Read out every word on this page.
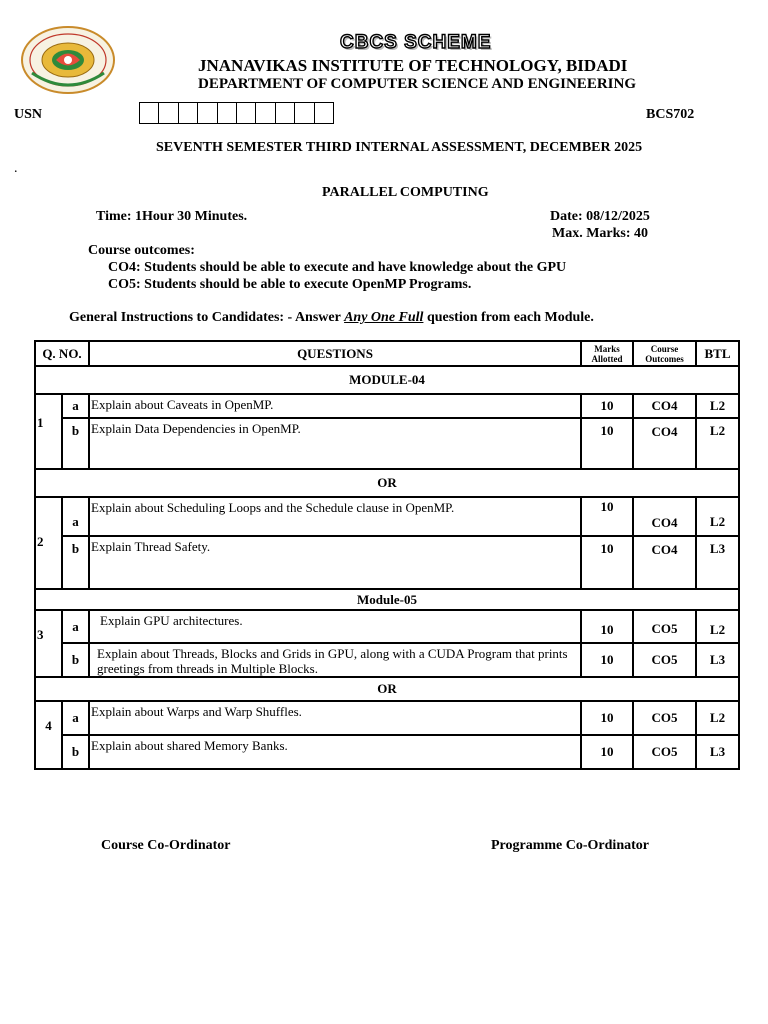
CBCS SCHEME
JNANAVIKAS INSTITUTE OF TECHNOLOGY, BIDADI
DEPARTMENT OF COMPUTER SCIENCE AND ENGINEERING
USN	BCS702
SEVENTH SEMESTER THIRD INTERNAL ASSESSMENT, DECEMBER 2025
.
PARALLEL COMPUTING
Time: 1Hour 30 Minutes.	Date: 08/12/2025
Max. Marks: 40
Course outcomes:
CO4: Students should be able to execute and have knowledge about the GPU
CO5: Students should be able to execute OpenMP Programs.
General Instructions to Candidates: - Answer Any One Full question from each Module.
Q. NO.		QUESTIONS	Marks Allotted	Course Outcomes	BTL
MODULE-04					
1	a	Explain about Caveats in OpenMP.	10	CO4	L2
	b	Explain Data Dependencies in OpenMP.	10	CO4	L2
OR					
2	a	Explain about Scheduling Loops and the Schedule clause in OpenMP.	10	CO4	L2
	b	Explain Thread Safety.	10	CO4	L3
Module-05					
3	a	Explain GPU architectures.	10	CO5	L2
	b	Explain about Threads, Blocks and Grids in GPU, along with a CUDA Program that prints greetings from threads in Multiple Blocks.	10	CO5	L3
OR					
4	a	Explain about Warps and Warp Shuffles.	10	CO5	L2
	b	Explain about shared Memory Banks.	10	CO5	L3
Course Co-Ordinator	Programme Co-Ordinator
